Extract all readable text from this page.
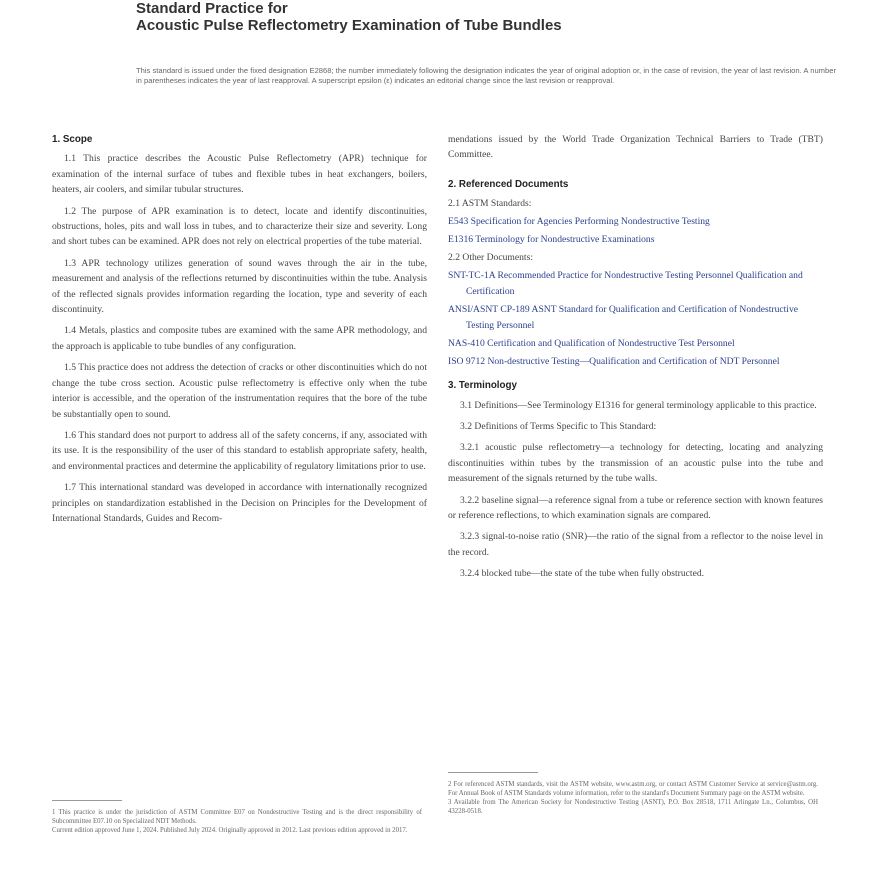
Standard Practice for
Acoustic Pulse Reflectometry Examination of Tube Bundles
This standard is issued under the fixed designation E2868; the number immediately following the designation indicates the year of original adoption or, in the case of revision, the year of last revision. A number in parentheses indicates the year of last reapproval. A superscript epsilon (ε) indicates an editorial change since the last revision or reapproval.
1. Scope

1.1 This practice describes the Acoustic Pulse Reflectometry (APR) technique for examination of the internal surface of tubes and flexible tubes in heat exchangers, boilers, heaters, air coolers, and similar tubular structures.

1.2 The purpose of APR examination is to detect, locate and identify discontinuities, obstructions, holes, pits and wall loss in tubes, and to characterize their size and severity. Long and short tubes can be examined. APR does not rely on electrical properties of the tube material.

1.3 APR technology utilizes generation of sound waves through the air in the tube, measurement and analysis of the reflections returned by discontinuities within the tube. Analysis of the reflected signals provides information regarding the location, type and severity of each discontinuity.

1.4 Metals, plastics and composite tubes are examined with the same APR methodology, and the approach is applicable to tube bundles of any configuration.

1.5 This practice does not address the detection of cracks or other discontinuities which do not change the tube cross section. Acoustic pulse reflectometry is effective only when the tube interior is accessible, and the operation of the instrumentation requires that the bore of the tube be substantially open to sound.

1.6 This standard does not purport to address all of the safety concerns, if any, associated with its use. It is the responsibility of the user of this standard to establish appropriate safety, health, and environmental practices and determine the applicability of regulatory limitations prior to use.

1.7 This international standard was developed in accordance with internationally recognized principles on standardization established in the Decision on Principles for the Development of International Standards, Guides and Recom-

1 This practice is under the jurisdiction of ASTM Committee E07 on Nondestructive Testing and is the direct responsibility of Subcommittee E07.10 on Specialized NDT Methods.
Current edition approved June 1, 2024. Published July 2024. Originally approved in 2012. Last previous edition approved in 2017.

mendations issued by the World Trade Organization Technical Barriers to Trade (TBT) Committee.

2. Referenced Documents
2.1 ASTM Standards:
E543 Specification for Agencies Performing Nondestructive Testing
E1316 Terminology for Nondestructive Examinations
2.2 Other Documents:
SNT-TC-1A Recommended Practice for Nondestructive Testing Personnel Qualification and Certification
ANSI/ASNT CP-189 ASNT Standard for Qualification and Certification of Nondestructive Testing Personnel
NAS-410 Certification and Qualification of Nondestructive Test Personnel
ISO 9712 Non-destructive Testing—Qualification and Certification of NDT Personnel
3. Terminology

3.1 Definitions—See Terminology E1316 for general terminology applicable to this practice.

3.2 Definitions of Terms Specific to This Standard:

3.2.1 acoustic pulse reflectometry—a technology for detecting, locating and analyzing discontinuities within tubes by the transmission of an acoustic pulse into the tube and measurement of the signals returned by the tube walls.

3.2.2 baseline signal—a reference signal from a tube or reference section with known features or reference reflections, to which examination signals are compared.

3.2.3 signal-to-noise ratio (SNR)—the ratio of the signal from a reflector to the noise level in the record.

3.2.4 blocked tube—the state of the tube when fully obstructed.

2 For referenced ASTM standards, visit the ASTM website, www.astm.org, or contact ASTM Customer Service at service@astm.org. For Annual Book of ASTM Standards volume information, refer to the standard's Document Summary page on the ASTM website.
3 Available from The American Society for Nondestructive Testing (ASNT), P.O. Box 28518, 1711 Arlingate Ln., Columbus, OH 43228-0518.
